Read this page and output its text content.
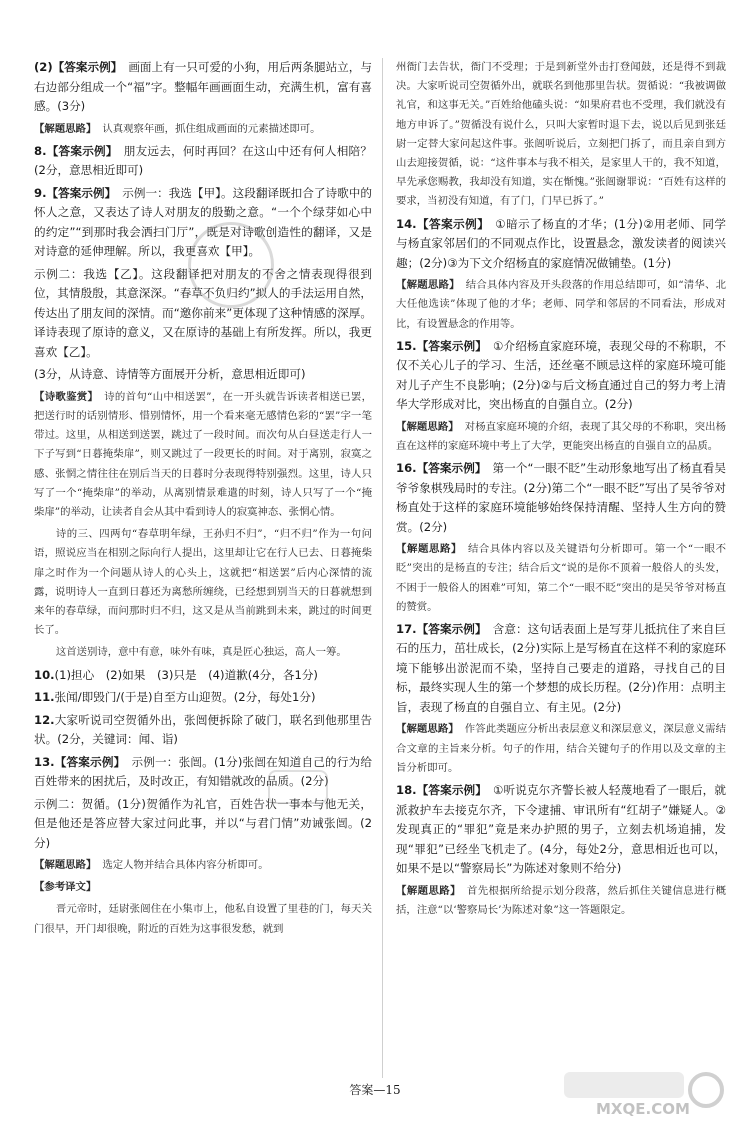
(2)【答案示例】 画面上有一只可爱的小狗，用后两条腿站立，与右边部分组成一个“福”字。整幅年画画面生动，充满生机，富有喜感。(3分)

【解题思路】 认真观察年画，抓住组成画面的元素描述即可。

8.【答案示例】 朋友远去，何时再回？在这山中还有何人相陪？(2分，意思相近即可)

9.【答案示例】 示例一：我选【甲】。这段翻译既扣合了诗歌中的怀人之意，又表达了诗人对朋友的殷勤之意。“一个个绿芽如心中的约定”“到那时我会洒扫门厅”，既是对诗歌创造性的翻译，又是对诗意的延伸理解。所以，我更喜欢【甲】。

示例二：我选【乙】。这段翻译把对朋友的不舍之情表现得很到位，其情殷殷，其意深深。“春草不负归约”拟人的手法运用自然，传达出了朋友间的深情。而“邀你前来”更体现了这种情感的深厚。译诗表现了原诗的意义，又在原诗的基础上有所发挥。所以，我更喜欢【乙】。

(3分，从诗意、诗情等方面展开分析，意思相近即可)

【诗歌鉴赏】 诗的首句“山中相送罢”，在一开头就告诉读者相送已罢，把送行时的话别情形、惜别情怀，用一个看来毫无感情色彩的“罢”字一笔带过。这里，从相送到送罢，跳过了一段时间。而次句从白昼送走行人一下子写到“日暮掩柴扉”，则又跳过了一段更长的时间。对于离别，寂寞之感、张惘之情往往在别后当天的日暮时分表现得特别强烈。这里，诗人只写了一个“掩柴扉”的举动，从离别情景难遣的时刻，诗人只写了一个“掩柴扉”的举动，让读者自会从其中看到诗人的寂寞神态、张惘心情。

诗的三、四两句“春草明年绿，王孙归不归”，“归不归”作为一句问语，照说应当在相别之际向行人提出，这里却让它在行人已去、日暮掩柴扉之时作为一个问题从诗人的心头上，这就把“相送罢”后内心深情的流露，说明诗人一直到日暮还为离愁所缠绕，已经想到别当天的日暮就想到来年的春草绿，而问那时归不归，这又是从当前跳到未来，跳过的时间更长了。

这首送别诗，意中有意，味外有味，真是匠心独运，高人一筹。

10.(1)担心　(2)如果　(3)只是　(4)道歉(4分，各1分)

11.张闻/即毁门/(于是)自至方山迎贺。(2分，每处1分)

12.大家听说司空贺循外出，张闿便拆除了破门，联名到他那里告状。(2分，关键词：闻、诣)

13.【答案示例】 示例一：张闿。(1分)张闿在知道自己的行为给百姓带来的困扰后，及时改正，有知错就改的品质。(2分)

示例二：贺循。(1分)贺循作为礼官，百姓告状一事本与他无关，但是他还是答应替大家过问此事，并以“与君门情”劝诫张闿。(2分)

【解题思路】 选定人物并结合具体内容分析即可。

【参考译文】

晋元帝时，廷尉张闿住在小集市上，他私自设置了里巷的门，每天关门很早，开门却很晚，附近的百姓为这事很发愁，就到

州衙门去告状，衙门不受理；于是到新堂外击打登闻鼓，还是得不到裁决。大家听说司空贺循外出，就联名到他那里告状。贺循说：“我被调做礼官，和这事无关。”百姓给他磕头说：“如果府君也不受理，我们就没有地方申诉了。”贺循没有说什么，只叫大家暂时退下去，说以后见到张廷尉一定替大家问起这件事。张闿听说后，立刻把门拆了，而且亲自到方山去迎接贺循，说：“这件事本与我不相关，是家里人干的，我不知道，早先承您赐教，我却没有知道，实在惭愧。”张闿谢罪说：“百姓有这样的要求，当初没有知道，有了门，门早已拆了。”

14.【答案示例】 ①暗示了杨直的才华；(1分)②用老师、同学与杨直家邻居们的不同观点作比，设置悬念，激发读者的阅读兴趣；(2分)③为下文介绍杨直的家庭情况做铺垫。(1分)

【解题思路】 结合具体内容及开头段落的作用总结即可，如“清华、北大任他选读”体现了他的才华；老师、同学和邻居的不同看法，形成对比，有设置悬念的作用等。

15.【答案示例】 ①介绍杨直家庭环境，表现父母的不称职，不仅不关心儿子的学习、生活，还丝毫不顾忌这样的家庭环境可能对儿子产生不良影响；(2分)②与后文杨直通过自己的努力考上清华大学形成对比，突出杨直的自强自立。(2分)

【解题思路】 对杨直家庭环境的介绍，表现了其父母的不称职，突出杨直在这样的家庭环境中考上了大学，更能突出杨直的自强自立的品质。

16.【答案示例】 第一个“一眼不眨”生动形象地写出了杨直看吴爷爷象棋残局时的专注。(2分)第二个“一眼不眨”写出了吴爷爷对杨直处于这样的家庭环境能够始终保持清醒、坚持人生方向的赞赏。(2分)

【解题思路】 结合具体内容以及关键语句分析即可。第一个“一眼不眨”突出的是杨直的专注；结合后文“说的是你不顶着一般俗人的头发，不困于一般俗人的困难”可知，第二个“一眼不眨”突出的是吴爷爷对杨直的赞赏。

17.【答案示例】 含意：这句话表面上是写芽儿抵抗住了来自巨石的压力，茁壮成长，(2分)实际上是写杨直在这样不利的家庭环境下能够出淤泥而不染，坚持自己要走的道路，寻找自己的目标，最终实现人生的第一个梦想的成长历程。(2分)作用：点明主旨，表现了杨直的自强自立、有主见。(2分)

【解题思路】 作答此类题应分析出表层意义和深层意义，深层意义需结合文章的主旨来分析。句子的作用，结合关键句子的作用以及文章的主旨分析即可。

18.【答案示例】 ①听说克尔齐警长被人轻蔑地看了一眼后，就派救护车去接克尔齐，下令逮捕、审讯所有“红胡子”嫌疑人。②发现真正的“罪犯”竟是来办护照的男子，立刻去机场追捕，发现“罪犯”已经坐飞机走了。(4分，每处2分，意思相近也可以，如果不是以“警察局长”为陈述对象则不给分)

【解题思路】 首先根据所给提示划分段落，然后抓住关键信息进行概括，注意“以‘警察局长’为陈述对象”这一答题限定。

答案—15
MXQE.COM
